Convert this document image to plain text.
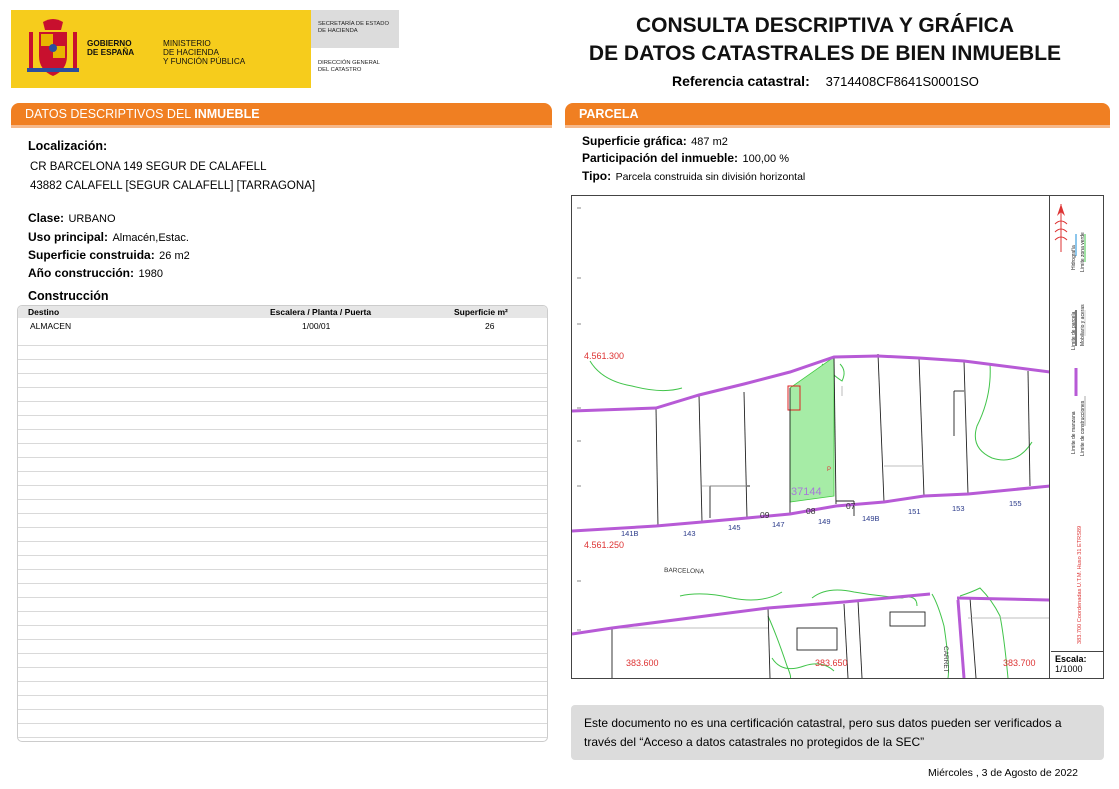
GOBIERNO
DE ESPAÑA
MINISTERIO
DE HACIENDA
Y FUNCIÓN PÚBLICA
SECRETARÍA DE ESTADO
DE HACIENDA
DIRECCIÓN GENERAL
DEL CATASTRO
CONSULTA DESCRIPTIVA Y GRÁFICA
DE DATOS CATASTRALES DE BIEN INMUEBLE
Referencia catastral: 3714408CF8641S0001SO
DATOS DESCRIPTIVOS DEL INMUEBLE
Localización:
CR BARCELONA 149 SEGUR DE CALAFELL
43882 CALAFELL [SEGUR CALAFELL] [TARRAGONA]
Clase: URBANO
Uso principal: Almacén,Estac.
Superficie construida: 26 m2
Año construcción: 1980
Construcción
Destino	Escalera / Planta / Puerta	Superficie m²
ALMACEN	1/00/01	26
PARCELA
Superficie gráfica: 487 m2
Participación del inmueble: 100,00 %
Tipo: Parcela construida sin división horizontal
4.561.300
4.561.250
383.600	383.650	383.700
37144
P
141B	143
145	147	149	149B
151	153
155
09	08	07
BARCELONA
CARRET
Límite de manzana
Límite de parcela
Límite de construcciones
Mobiliario y aceras
Límite zona verde
Hidrografía
383.700 Coordenadas U.T.M. Huso 31 ETRS89
Escala:
1/1000
Este documento no es una certificación catastral, pero sus datos pueden ser verificados a través del “Acceso a datos catastrales no protegidos de la SEC”
Miércoles , 3 de Agosto de 2022
